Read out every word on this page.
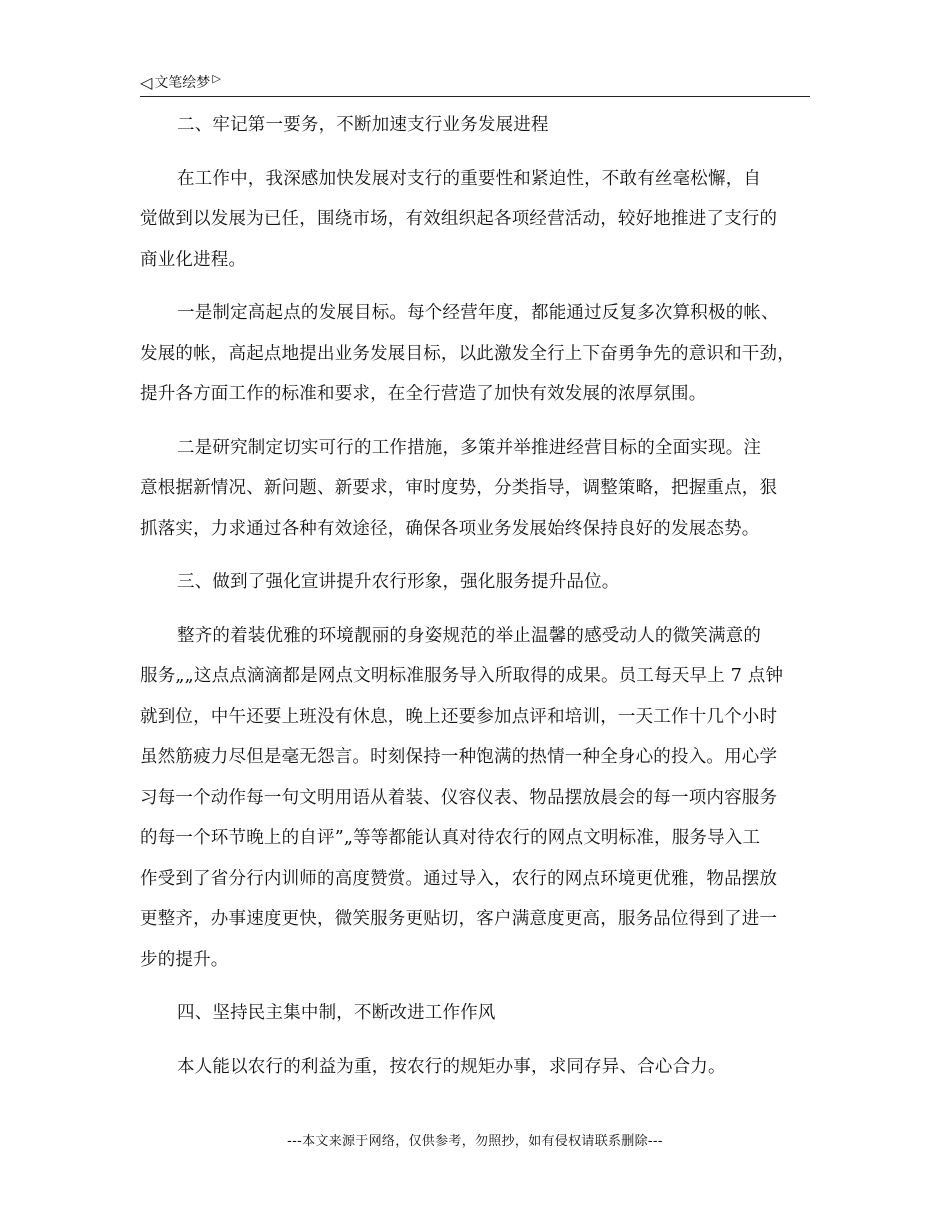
◁ 文笔绘梦 ▷

二、牢记第一要务，不断加速支行业务发展进程

在工作中，我深感加快发展对支行的重要性和紧迫性，不敢有丝毫松懈，自
觉做到以发展为已任，围绕市场，有效组织起各项经营活动，较好地推进了支行的
商业化进程。

一是制定高起点的发展目标。每个经营年度，都能通过反复多次算积极的帐、
发展的帐，高起点地提出业务发展目标，以此激发全行上下奋勇争先的意识和干劲，
提升各方面工作的标准和要求，在全行营造了加快有效发展的浓厚氛围。

二是研究制定切实可行的工作措施，多策并举推进经营目标的全面实现。注
意根据新情况、新问题、新要求，审时度势，分类指导，调整策略，把握重点，狠
抓落实，力求通过各种有效途径，确保各项业务发展始终保持良好的发展态势。

三、做到了强化宣讲提升农行形象，强化服务提升品位。

整齐的着装优雅的环境靓丽的身姿规范的举止温馨的感受动人的微笑满意的
服务„„这点点滴滴都是网点文明标准服务导入所取得的成果。员工每天早上 7 点钟
就到位，中午还要上班没有休息，晚上还要参加点评和培训，一天工作十几个小时
虽然筋疲力尽但是毫无怨言。时刻保持一种饱满的热情一种全身心的投入。用心学
习每一个动作每一句文明用语从着装、仪容仪表、物品摆放晨会的每一项内容服务
的每一个环节晚上的自评”„等等都能认真对待农行的网点文明标准，服务导入工
作受到了省分行内训师的高度赞赏。通过导入，农行的网点环境更优雅，物品摆放
更整齐，办事速度更快，微笑服务更贴切，客户满意度更高，服务品位得到了进一
步的提升。

四、坚持民主集中制，不断改进工作作风

本人能以农行的利益为重，按农行的规矩办事，求同存异、合心合力。

---本文来源于网络，仅供参考，勿照抄，如有侵权请联系删除---
